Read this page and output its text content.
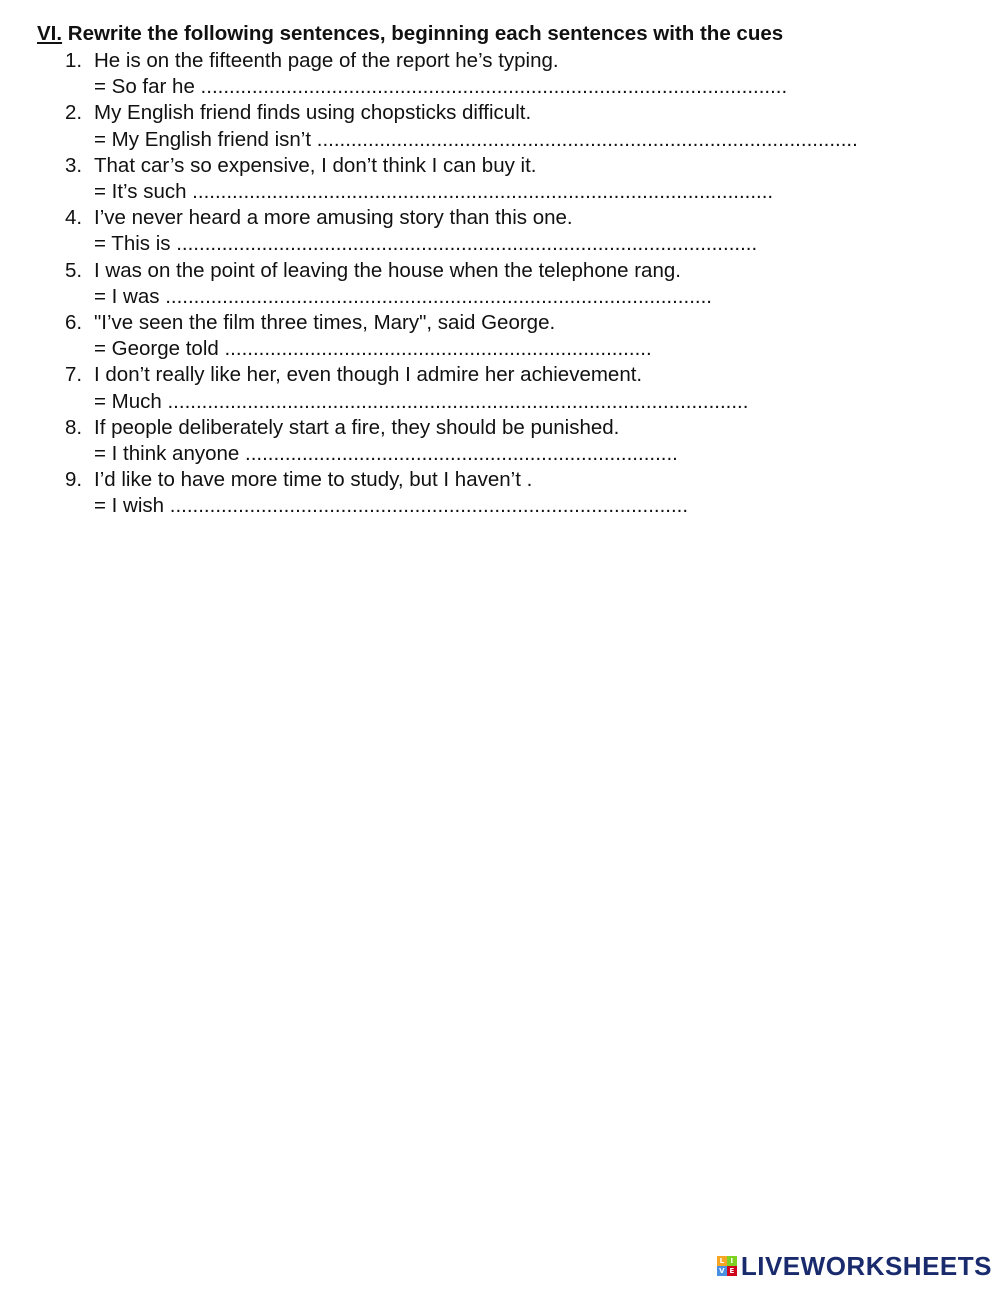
VI. Rewrite the following sentences, beginning each sentences with the cues
1. He is on the fifteenth page of the report he’s typing.
= So far he .......................................................................................................
2. My English friend finds using chopsticks difficult.
= My English friend isn’t ...............................................................................................
3. That car’s so expensive, I don’t think I can buy it.
= It’s such ......................................................................................................
4. I’ve never heard a more amusing story than this one.
= This is ......................................................................................................
5. I was on the point of leaving the house when the telephone rang.
= I was ................................................................................................
6. "I’ve seen the film three times, Mary", said George.
= George told ...........................................................................
7. I don’t really like her, even though I admire her achievement.
= Much ......................................................................................................
8. If people deliberately start a fire, they should be punished.
= I think anyone ............................................................................
9. I’d like to have more time to study, but I haven’t .
= I wish ...........................................................................................
L I
V E LIVEWORKSHEETS
